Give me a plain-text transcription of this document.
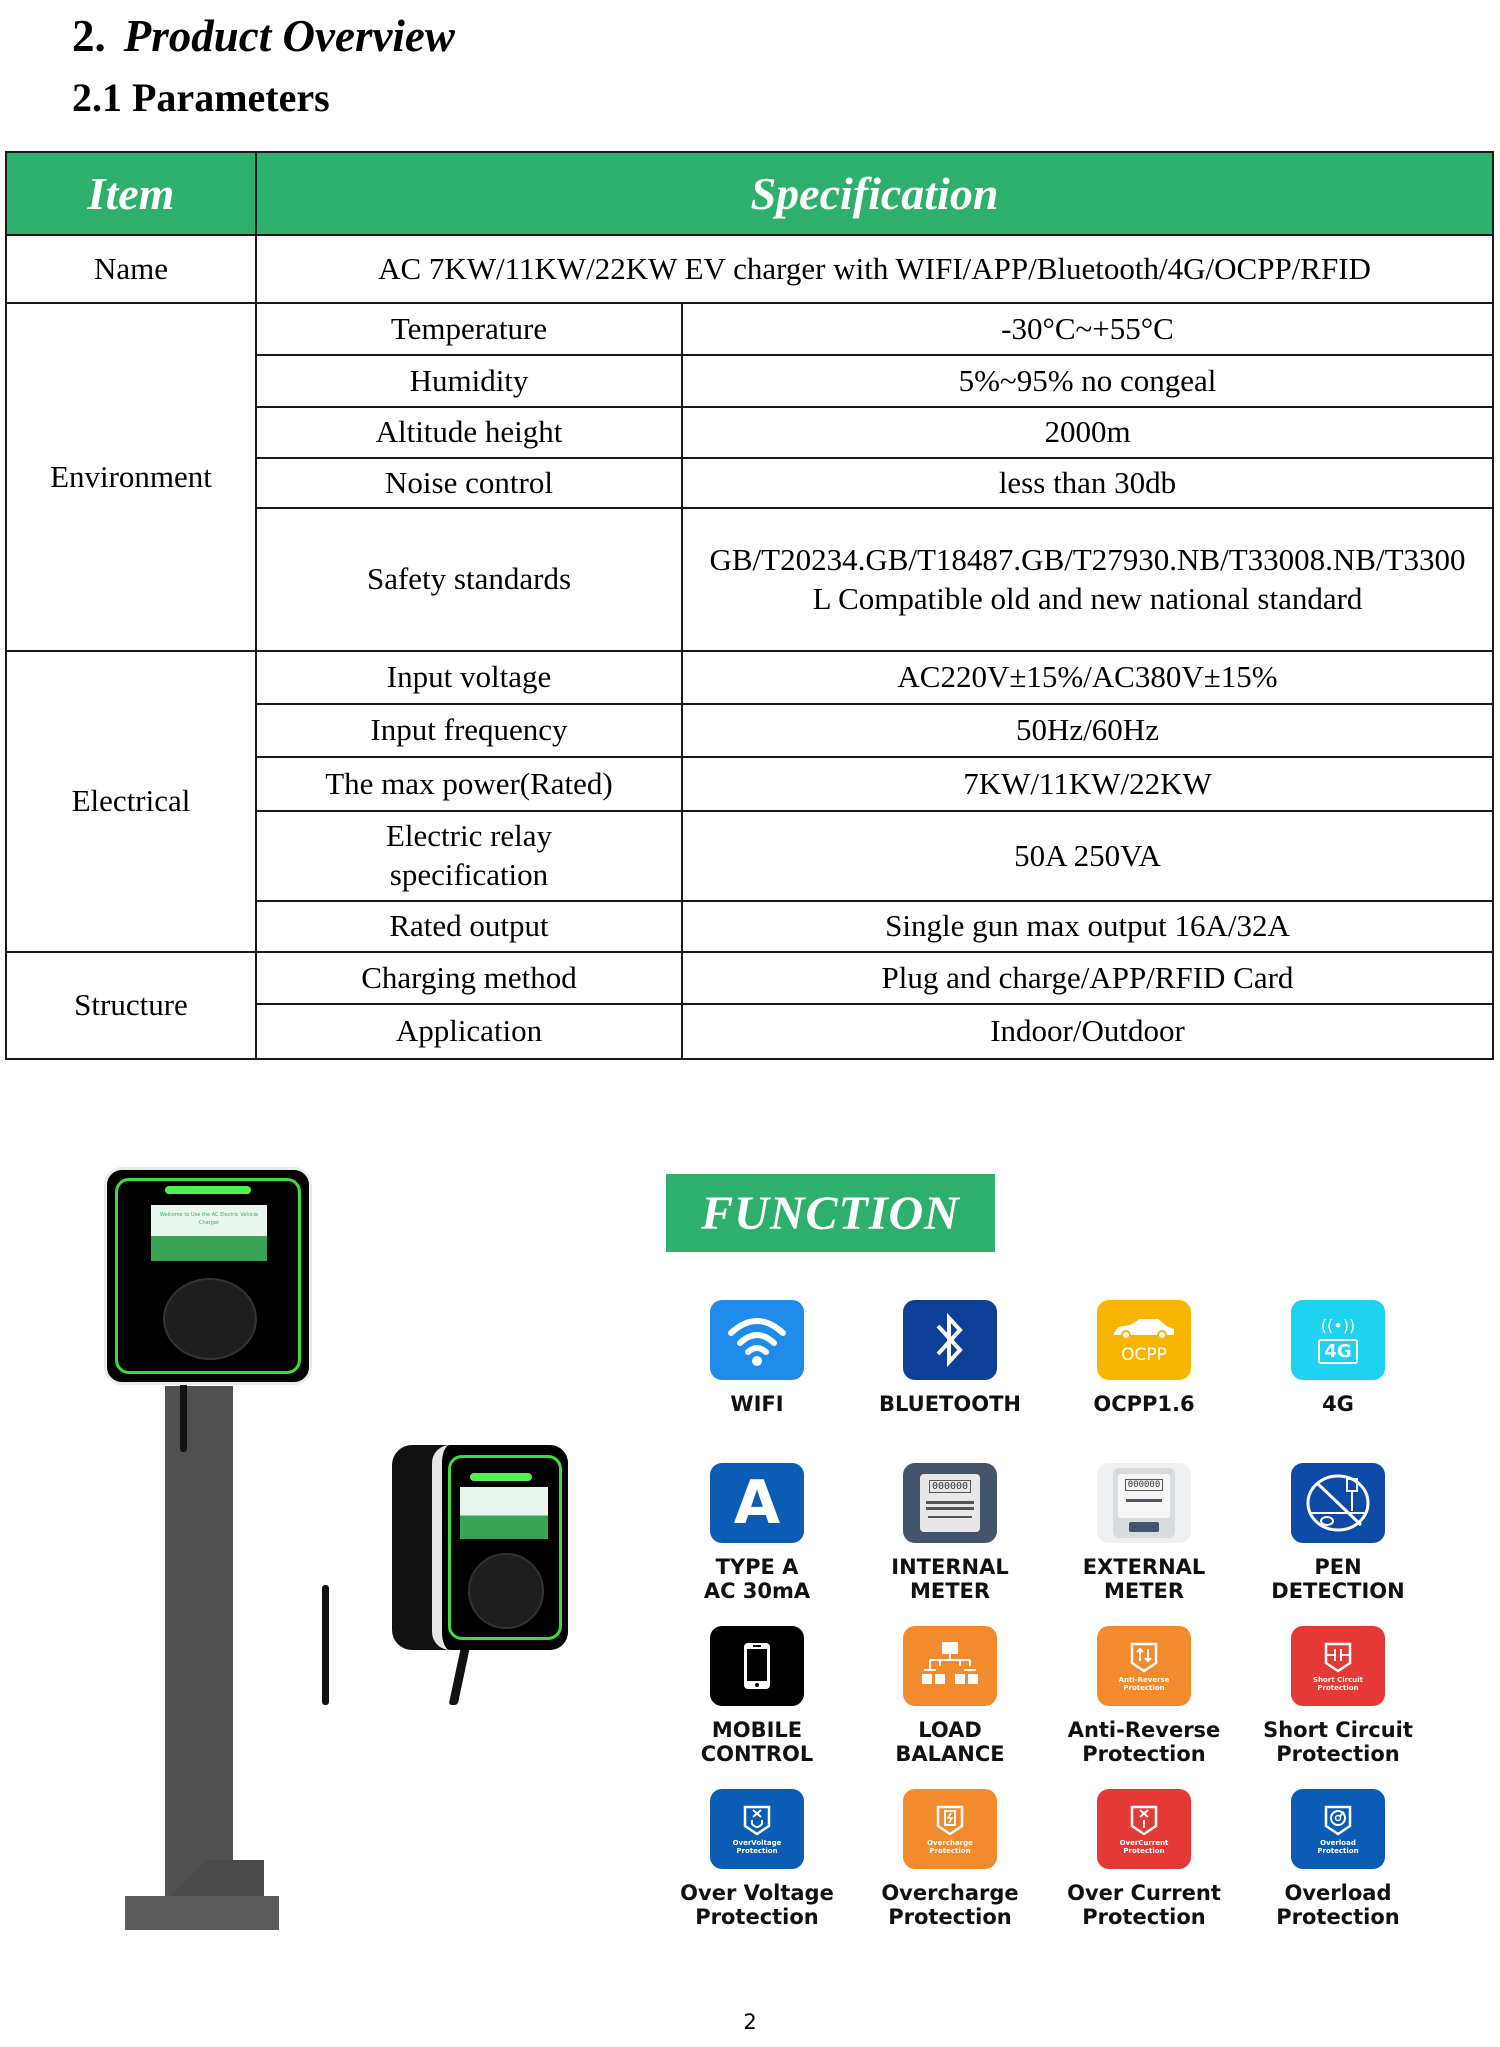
2. Product Overview
2.1 Parameters
Item	Specification	
Name	AC 7KW/11KW/22KW EV charger with WIFI/APP/Bluetooth/4G/OCPP/RFID	
Environment	Temperature	-30°C~+55°C
	Humidity	5%~95% no congeal
	Altitude height	2000m
	Noise control	less than 30db
	Safety standards	GB/T20234.GB/T18487.GB/T27930.NB/T33008.NB/T3300L Compatible old and new national standard
Electrical	Input voltage	AC220V±15%/AC380V±15%
	Input frequency	50Hz/60Hz
	The max power(Rated)	7KW/11KW/22KW
	Electric relay specification	50A 250VA
	Rated output	Single gun max output 16A/32A
Structure	Charging method	Plug and charge/APP/RFID Card
	Application	Indoor/Outdoor
Welcome to Use the AC Electric Vehicle Charger	FUNCTION
WIFI	BLUETOOTH
OCPP
OCPP1.6
((•))
4G
4G
A
TYPE A
AC 30mA
000000
INTERNAL
METER
000000
EXTERNAL
METER
PEN
DETECTION
MOBILE
CONTROL
LOAD
BALANCE
Anti-Reverse Protection
Anti-Reverse
Protection
Short Circuit Protection
Short Circuit
Protection
OverVoltage Protection
Over Voltage
Protection
Overcharge Protection
Overcharge
Protection
OverCurrent Protection
Over Current
Protection
Overload Protection
Overload
Protection
2
